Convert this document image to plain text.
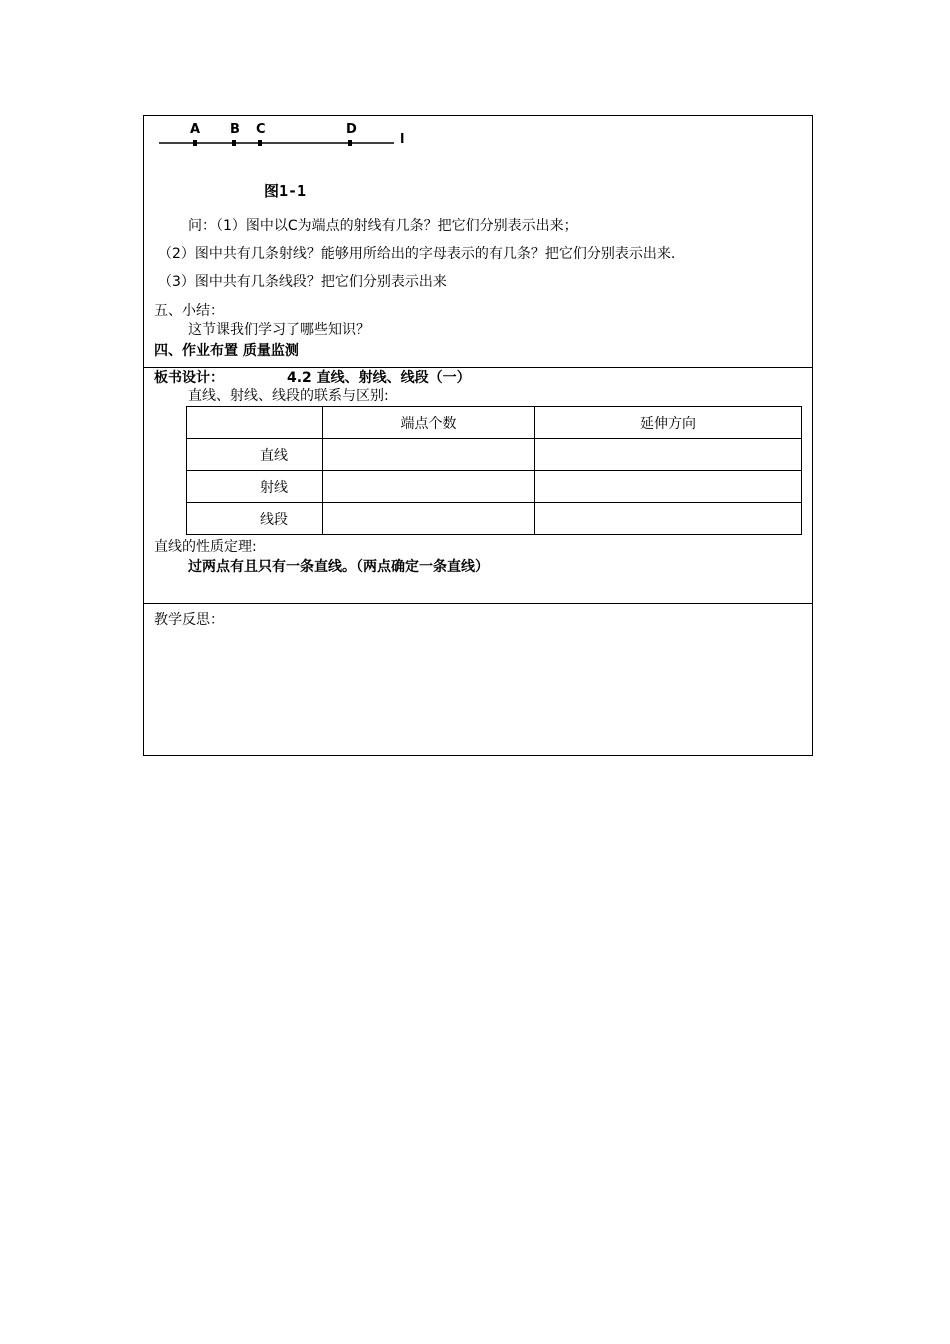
A B C	D
l
图1-1
问：（1）图中以C为端点的射线有几条？把它们分别表示出来；
（2）图中共有几条射线？能够用所给出的字母表示的有几条？把它们分别表示出来.
（3）图中共有几条线段？把它们分别表示出来
五、小结：
这节课我们学习了哪些知识？
四、作业布置 质量监测
板书设计：	4.2 直线、射线、线段（一）
直线、射线、线段的联系与区别:
	端点个数	延伸方向
直线		
射线		
线段		
直线的性质定理:
过两点有且只有一条直线。（两点确定一条直线）
教学反思：
